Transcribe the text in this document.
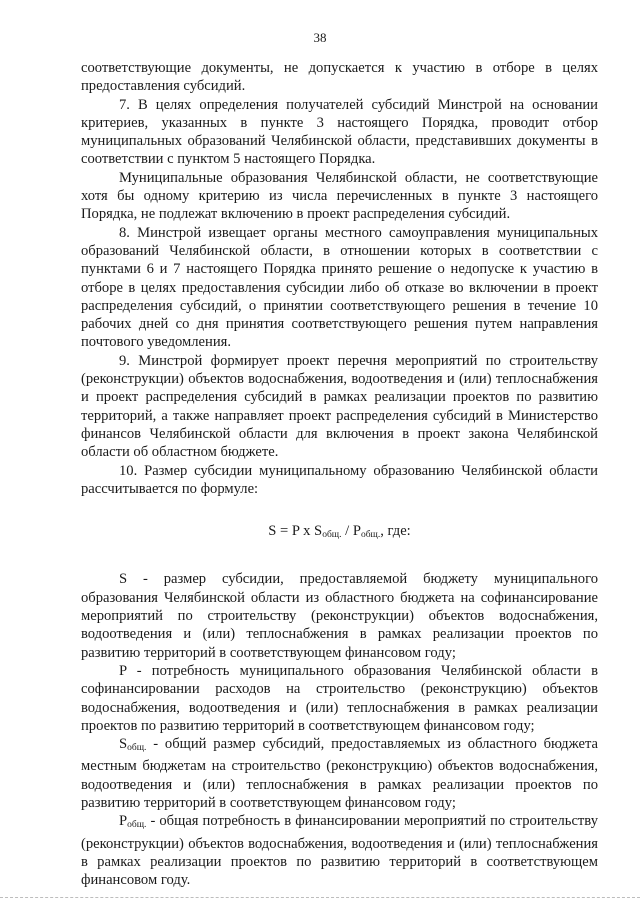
38

соответствующие документы, не допускается к участию в отборе в целях предоставления субсидий.

7. В целях определения получателей субсидий Минстрой на основании критериев, указанных в пункте 3 настоящего Порядка, проводит отбор муниципальных образований Челябинской области, представивших документы в соответствии с пунктом 5 настоящего Порядка.

Муниципальные образования Челябинской области, не соответствующие хотя бы одному критерию из числа перечисленных в пункте 3 настоящего Порядка, не подлежат включению в проект распределения субсидий.

8. Минстрой извещает органы местного самоуправления муниципальных образований Челябинской области, в отношении которых в соответствии с пунктами 6 и 7 настоящего Порядка принято решение о недопуске к участию в отборе в целях предоставления субсидии либо об отказе во включении в проект распределения субсидий, о принятии соответствующего решения в течение 10 рабочих дней со дня принятия соответствующего решения путем направления почтового уведомления.

9. Минстрой формирует проект перечня мероприятий по строительству (реконструкции) объектов водоснабжения, водоотведения и (или) теплоснабжения и проект распределения субсидий в рамках реализации проектов по развитию территорий, а также направляет проект распределения субсидий в Министерство финансов Челябинской области для включения в проект закона Челябинской области об областном бюджете.

10. Размер субсидии муниципальному образованию Челябинской области рассчитывается по формуле:

S = P x $S_{общ.} / P_{общ.}$, где:

S - размер субсидии, предоставляемой бюджету муниципального образования Челябинской области из областного бюджета на софинансирование мероприятий по строительству (реконструкции) объектов водоснабжения, водоотведения и (или) теплоснабжения в рамках реализации проектов по развитию территорий в соответствующем финансовом году;

P - потребность муниципального образования Челябинской области в софинансировании расходов на строительство (реконструкцию) объектов водоснабжения, водоотведения и (или) теплоснабжения в рамках реализации проектов по развитию территорий в соответствующем финансовом году;

$S_{общ.}$ - общий размер субсидий, предоставляемых из областного бюджета местным бюджетам на строительство (реконструкцию) объектов водоснабжения, водоотведения и (или) теплоснабжения в рамках реализации проектов по развитию территорий в соответствующем финансовом году;

$P_{общ.}$ - общая потребность в финансировании мероприятий по строительству (реконструкции) объектов водоснабжения, водоотведения и (или) теплоснабжения в рамках реализации проектов по развитию территорий в соответствующем финансовом году.
